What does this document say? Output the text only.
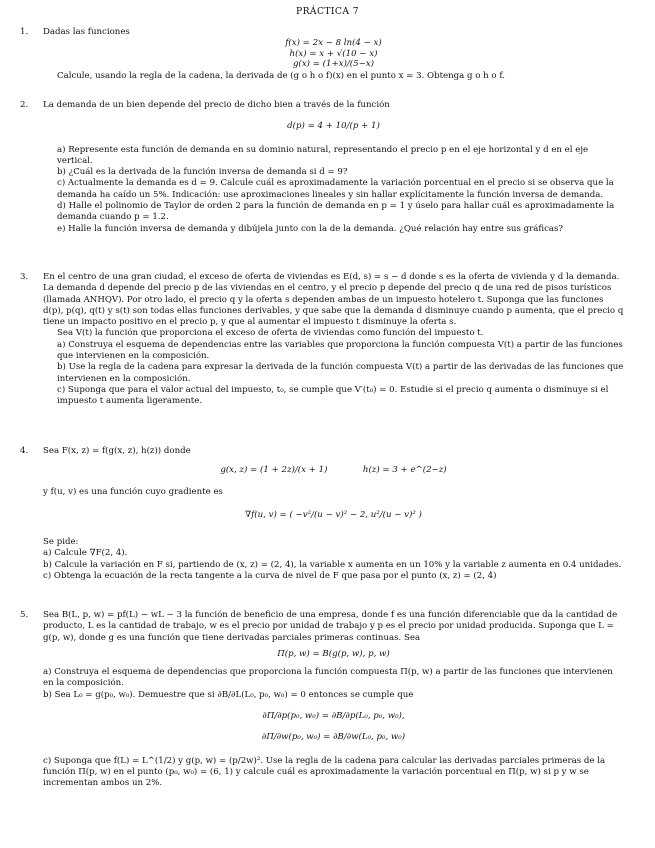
PRÁCTICA 7
1. Dadas las funciones
f(x) = 2x − 8 ln(4 − x)
h(x) = x + √(10 − x)
g(x) = (1+x)/(5−x)
Calcule, usando la regla de la cadena, la derivada de (g o h o f)(x) en el punto x = 3. Obtenga g o h o f.
2. La demanda de un bien depende del precio de dicho bien a través de la función
d(p) = 4 + 10/(p + 1)
a) Represente esta función de demanda en su dominio natural, representando el precio p en el eje horizontal y d en el eje vertical.
b) ¿Cuál es la derivada de la función inversa de demanda si d = 9?
c) Actualmente la demanda es d = 9. Calcule cuál es aproximadamente la variación porcentual en el precio si se observa que la demanda ha caído un 5%. Indicación: use aproximaciones lineales y sin hallar explícitamente la función inversa de demanda.
d) Halle el polinomio de Taylor de orden 2 para la función de demanda en p = 1 y úselo para hallar cuál es aproximadamente la demanda cuando p = 1.2.
e) Halle la función inversa de demanda y dibújela junto con la de la demanda. ¿Qué relación hay entre sus gráficas?
3. En el centro de una gran ciudad, el exceso de oferta de viviendas es E(d, s) = s − d donde s es la oferta de vivienda y d la demanda. La demanda d depende del precio p de las viviendas en el centro, y el precio p depende del precio q de una red de pisos turísticos (llamada ANHQV). Por otro lado, el precio q y la oferta s dependen ambas de un impuesto hotelero t. Suponga que las funciones d(p), p(q), q(t) y s(t) son todas ellas funciones derivables, y que sabe que la demanda d disminuye cuando p aumenta, que el precio q tiene un impacto positivo en el precio p, y que al aumentar el impuesto t disminuye la oferta s.
Sea V(t) la función que proporciona el exceso de oferta de viviendas como función del impuesto t.
a) Construya el esquema de dependencias entre las variables que proporciona la función compuesta V(t) a partir de las funciones que intervienen en la composición.
b) Use la regla de la cadena para expresar la derivada de la función compuesta V(t) a partir de las derivadas de las funciones que intervienen en la composición.
c) Suponga que para el valor actual del impuesto, t₀, se cumple que V′(t₀) = 0. Estudie si el precio q aumenta o disminuye si el impuesto t aumenta ligeramente.
4. Sea F(x, z) = f(g(x, z), h(z)) donde
g(x, z) = (1 + 2z)/(x + 1)	h(z) = 3 + e^(2−z)
y f(u, v) es una función cuyo gradiente es
∇f(u, v) = ( −v²/(u − v)² − 2, u²/(u − v)² )
Se pide:
a) Calcule ∇F(2, 4).
b) Calcule la variación en F si, partiendo de (x, z) = (2, 4), la variable x aumenta en un 10% y la variable z aumenta en 0.4 unidades.
c) Obtenga la ecuación de la recta tangente a la curva de nivel de F que pasa por el punto (x, z) = (2, 4)
5. Sea B(L, p, w) = pf(L) − wL − 3 la función de beneficio de una empresa, donde f es una función diferenciable que da la cantidad de producto, L es la cantidad de trabajo, w es el precio por unidad de trabajo y p es el precio por unidad producida. Suponga que L = g(p, w), donde g es una función que tiene derivadas parciales primeras continuas. Sea
Π(p, w) = B(g(p, w), p, w)
a) Construya el esquema de dependencias que proporciona la función compuesta Π(p, w) a partir de las funciones que intervienen en la composición.
b) Sea L₀ = g(p₀, w₀). Demuestre que si ∂B/∂L(L₀, p₀, w₀) = 0 entonces se cumple que
∂Π/∂p(p₀, w₀) = ∂B/∂p(L₀, p₀, w₀),
∂Π/∂w(p₀, w₀) = ∂B/∂w(L₀, p₀, w₀)
c) Suponga que f(L) = L^(1/2) y g(p, w) = (p/2w)². Use la regla de la cadena para calcular las derivadas parciales primeras de la función Π(p, w) en el punto (p₀, w₀) = (6, 1) y calcule cuál es aproximadamente la variación porcentual en Π(p, w) si p y w se incrementan ambos un 2%.
